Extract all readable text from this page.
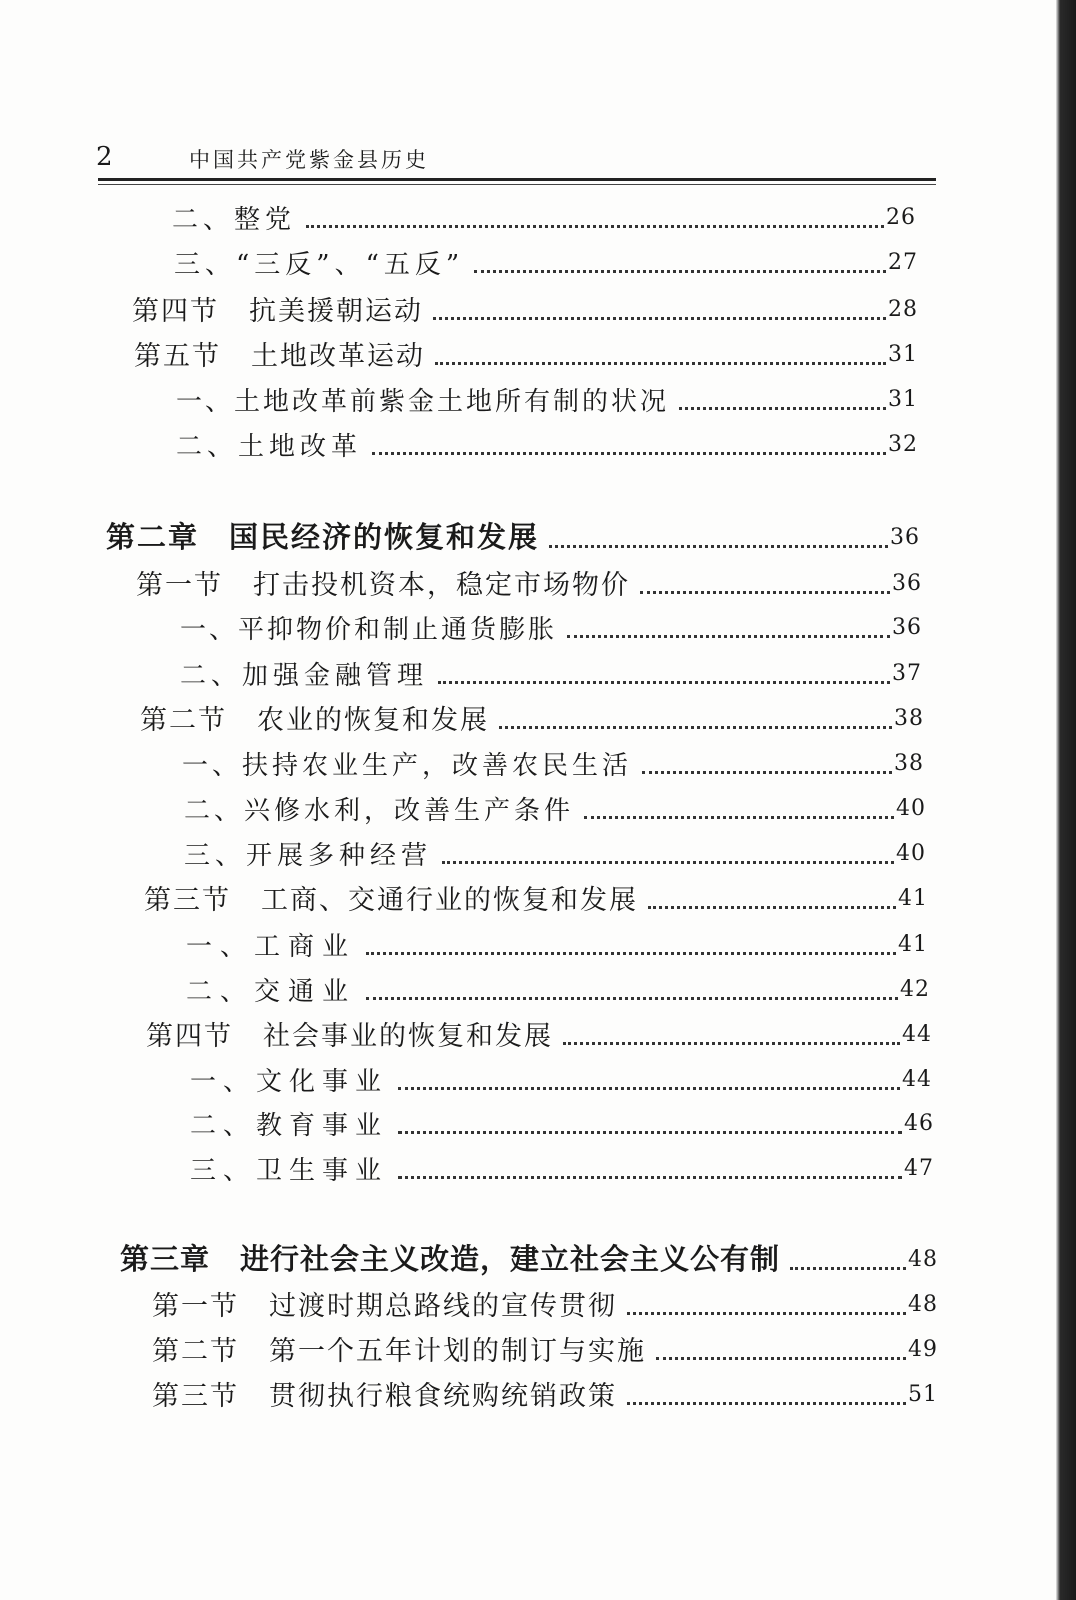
2	中国共产党紫金县历史
二、整党	26
三、“三反”、“五反”	27
第四节 抗美援朝运动	28
第五节 土地改革运动	31
一、土地改革前紫金土地所有制的状况	31
二、土地改革	32
第二章 国民经济的恢复和发展	36
第一节 打击投机资本，稳定市场物价	36
一、平抑物价和制止通货膨胀	36
二、加强金融管理	37
第二节 农业的恢复和发展	38
一、扶持农业生产，改善农民生活	38
二、兴修水利，改善生产条件	40
三、开展多种经营	40
第三节 工商、交通行业的恢复和发展	41
一、工商业	41
二、交通业	42
第四节 社会事业的恢复和发展	44
一、文化事业	44
二、教育事业	46
三、卫生事业	47
第三章 进行社会主义改造，建立社会主义公有制	48
第一节 过渡时期总路线的宣传贯彻	48
第二节 第一个五年计划的制订与实施	49
第三节 贯彻执行粮食统购统销政策	51
